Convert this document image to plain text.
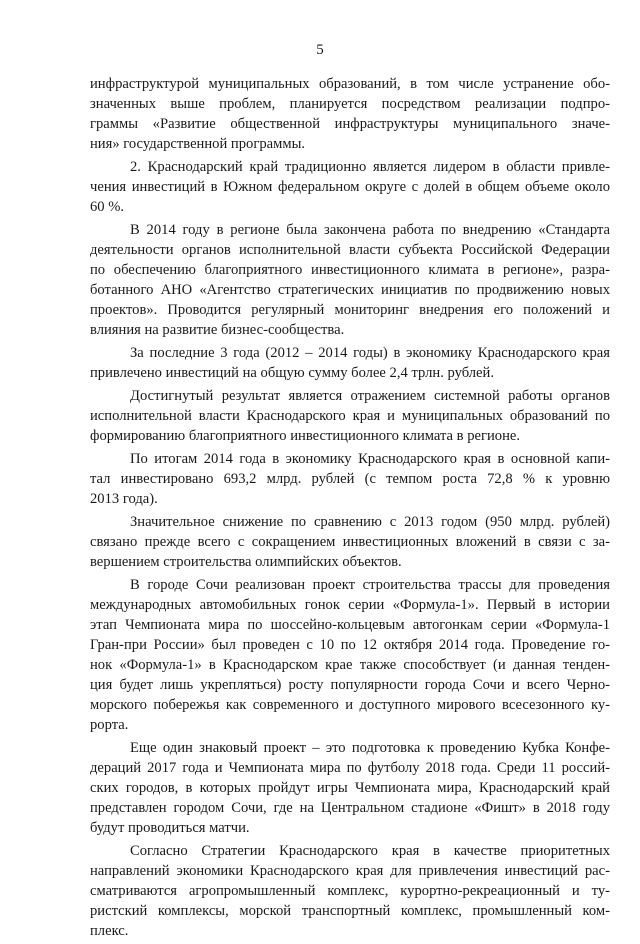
5

инфраструктурой муниципальных образований, в том числе устранение обо-
значенных выше проблем, планируется посредством реализации подпро-
граммы «Развитие общественной инфраструктуры муниципального значе-
ния» государственной программы.

2. Краснодарский край традиционно является лидером в области привле-
чения инвестиций в Южном федеральном округе с долей в общем объеме около
60 %.

В 2014 году в регионе была закончена работа по внедрению «Стандарта
деятельности органов исполнительной власти субъекта Российской Федерации
по обеспечению благоприятного инвестиционного климата в регионе», разра-
ботанного АНО «Агентство стратегических инициатив по продвижению новых
проектов». Проводится регулярный мониторинг внедрения его положений и
влияния на развитие бизнес-сообщества.

За последние 3 года (2012 – 2014 годы) в экономику Краснодарского края
привлечено инвестиций на общую сумму более 2,4 трлн. рублей.

Достигнутый результат является отражением системной работы органов
исполнительной власти Краснодарского края и муниципальных образований по
формированию благоприятного инвестиционного климата в регионе.

По итогам 2014 года в экономику Краснодарского края в основной капи-
тал инвестировано 693,2 млрд. рублей (с темпом роста 72,8 % к уровню
2013 года).

Значительное снижение по сравнению с 2013 годом (950 млрд. рублей)
связано прежде всего с сокращением инвестиционных вложений в связи с за-
вершением строительства олимпийских объектов.

В городе Сочи реализован проект строительства трассы для проведения
международных автомобильных гонок серии «Формула-1». Первый в истории
этап Чемпионата мира по шоссейно-кольцевым автогонкам серии «Формула-1
Гран-при России» был проведен с 10 по 12 октября 2014 года. Проведение го-
нок «Формула-1» в Краснодарском крае также способствует (и данная тенден-
ция будет лишь укрепляться) росту популярности города Сочи и всего Черно-
морского побережья как современного и доступного мирового всесезонного ку-
рорта.

Еще один знаковый проект – это подготовка к проведению Кубка Конфе-
дераций 2017 года и Чемпионата мира по футболу 2018 года. Среди 11 россий-
ских городов, в которых пройдут игры Чемпионата мира, Краснодарский край
представлен городом Сочи, где на Центральном стадионе «Фишт» в 2018 году
будут проводиться матчи.

Согласно Стратегии Краснодарского края в качестве приоритетных
направлений экономики Краснодарского края для привлечения инвестиций рас-
сматриваются агропромышленный комплекс, курортно-рекреационный и ту-
ристский комплексы, морской транспортный комплекс, промышленный ком-
плекс.
